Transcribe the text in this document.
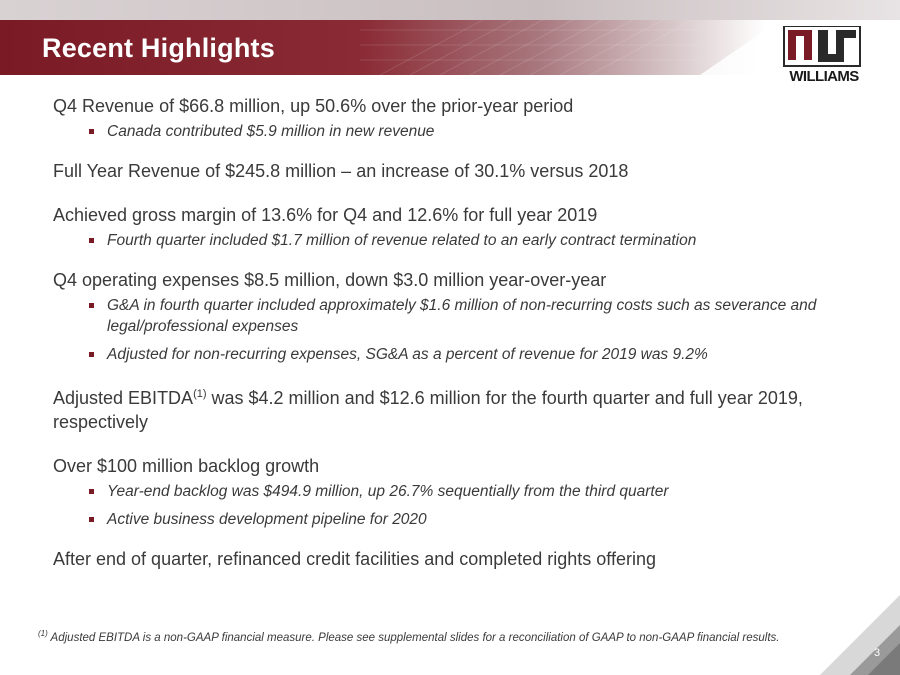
Recent Highlights
WILLIAMS
Q4 Revenue of $66.8 million, up 50.6% over the prior-year period
Canada contributed $5.9 million in new revenue
Full Year Revenue of $245.8 million – an increase of 30.1% versus 2018
Achieved gross margin of 13.6% for Q4 and 12.6% for full year 2019
Fourth quarter included $1.7 million of revenue related to an early contract termination
Q4 operating expenses $8.5 million, down $3.0 million year-over-year
G&A in fourth quarter included approximately $1.6 million of non-recurring costs such as severance and legal/professional expenses
Adjusted for non-recurring expenses, SG&A as a percent of revenue for 2019 was 9.2%
Adjusted EBITDA$^{(1)}$ was $4.2 million and $12.6 million for the fourth quarter and full year 2019, respectively
Over $100 million backlog growth
Year-end backlog was $494.9 million, up 26.7% sequentially from the third quarter
Active business development pipeline for 2020
After end of quarter, refinanced credit facilities and completed rights offering
$^{(1)}$ Adjusted EBITDA is a non-GAAP financial measure. Please see supplemental slides for a reconciliation of GAAP to non-GAAP financial results.
3
